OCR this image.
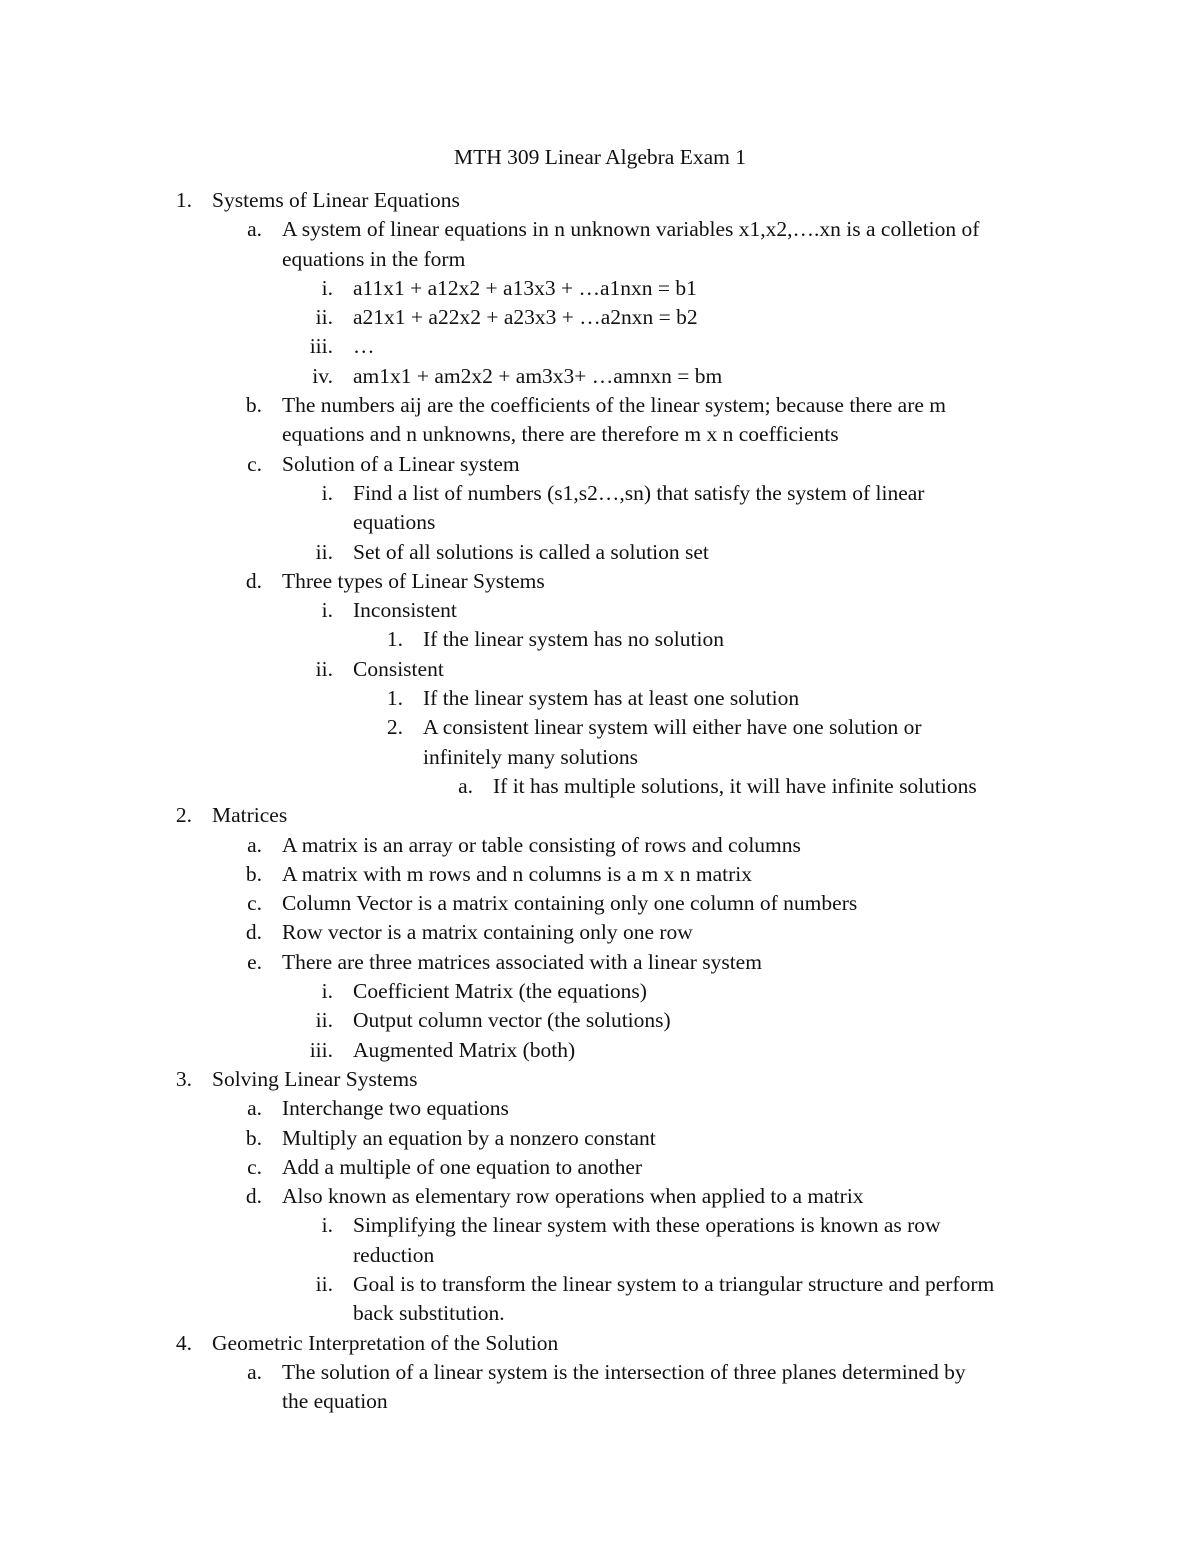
MTH 309 Linear Algebra Exam 1
1. Systems of Linear Equations
a. A system of linear equations in n unknown variables x1,x2,….xn is a colletion of
equations in the form
i. a11x1 + a12x2 + a13x3 + …a1nxn = b1
ii. a21x1 + a22x2 + a23x3 + …a2nxn = b2
iii. …
iv. am1x1 + am2x2 + am3x3+ …amnxn = bm
b. The numbers aij are the coefficients of the linear system; because there are m
equations and n unknowns, there are therefore m x n coefficients
c. Solution of a Linear system
i. Find a list of numbers (s1,s2…,sn) that satisfy the system of linear
equations
ii. Set of all solutions is called a solution set
d. Three types of Linear Systems
i. Inconsistent
1. If the linear system has no solution
ii. Consistent
1. If the linear system has at least one solution
2. A consistent linear system will either have one solution or
infinitely many solutions
a. If it has multiple solutions, it will have infinite solutions
2. Matrices
a. A matrix is an array or table consisting of rows and columns
b. A matrix with m rows and n columns is a m x n matrix
c. Column Vector is a matrix containing only one column of numbers
d. Row vector is a matrix containing only one row
e. There are three matrices associated with a linear system
i. Coefficient Matrix (the equations)
ii. Output column vector (the solutions)
iii. Augmented Matrix (both)
3. Solving Linear Systems
a. Interchange two equations
b. Multiply an equation by a nonzero constant
c. Add a multiple of one equation to another
d. Also known as elementary row operations when applied to a matrix
i. Simplifying the linear system with these operations is known as row
reduction
ii. Goal is to transform the linear system to a triangular structure and perform
back substitution.
4. Geometric Interpretation of the Solution
a. The solution of a linear system is the intersection of three planes determined by
the equation
